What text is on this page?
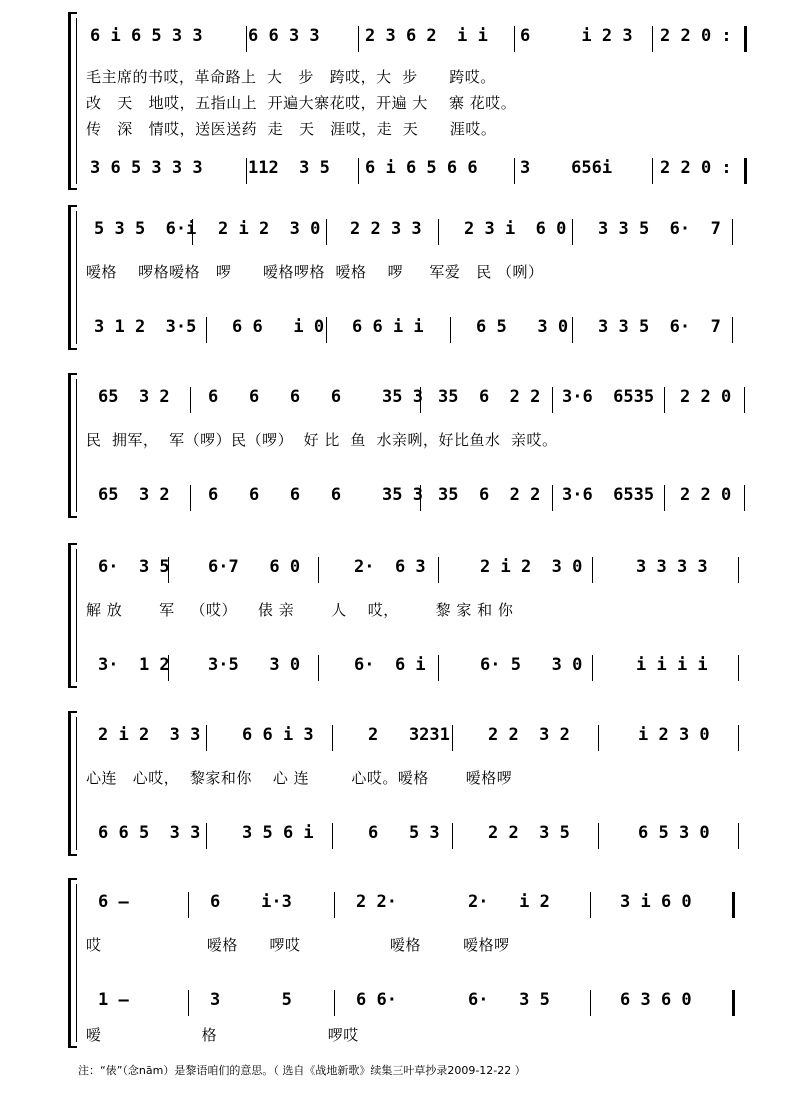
6 i 6 5 3 3	6 6 3 3	2 3 6 2  i i 6     i 2 3 2 2 0 :
毛主席的书哎，革命路上  大   步   跨哎，大  步      跨哎。
改   天   地哎，五指山上  开遍大寨花哎，开遍 大    寨 花哎。
传   深   情哎，送医送药  走   天   涯哎，走  天      涯哎。
3 6 5 3 3 3	112  3 5 6 i 6 5 6 6 3    656i	2 2 0 :
5 3 5  6·i 2 i 2  3 0 2 2 3 3 2 3 i  6 0 3 3 5  6·  7
嗳格    啰格嗳格   啰      嗳格啰格  嗳格    啰     军爱   民 （咧）
3 1 2  3·5 6 6   i 0 6 6 i i	6 5   3 0 3 3 5  6·  7
65  3 2 6   6   6   6    35 3 35  6  2 2 3·6  6535 2 2 0
民  拥军，  军（啰）民（啰）  好 比  鱼  水亲咧，好比鱼水  亲哎。
65  3 2 6   6   6   6    35 3 35  6  2 2 3·6  6535 2 2 0
6·  3 5 6·7   6 0	2·  6 3	2 i 2  3 0	3 3 3 3
解 放       军   （哎）    俵 亲       人    哎，       黎 家 和 你
3·  1 2 3·5   3 0	6·  6 i	6· 5   3 0	i i i i
2 i 2  3 3 6 6 i 3	2   3231 2 2  3 2	i 2 3 0
心连   心哎，  黎家和你    心 连        心哎。嗳格       嗳格啰
6 6 5  3 3 3 5 6 i	6   5 3	2 2  3 5	6 5 3 0
6 —	6    i·3	2 2·	2·   i 2	3 i 6 0
哎                    嗳格      啰哎                 嗳格        嗳格啰
1 —	3      5	6 6·	6·   3 5	6 3 6 0
嗳                   格                     啰哎
注：“俵”（念nām）是黎语咱们的意思。（ 选自《战地新歌》续集三叶草抄录2009-12-22 ）
